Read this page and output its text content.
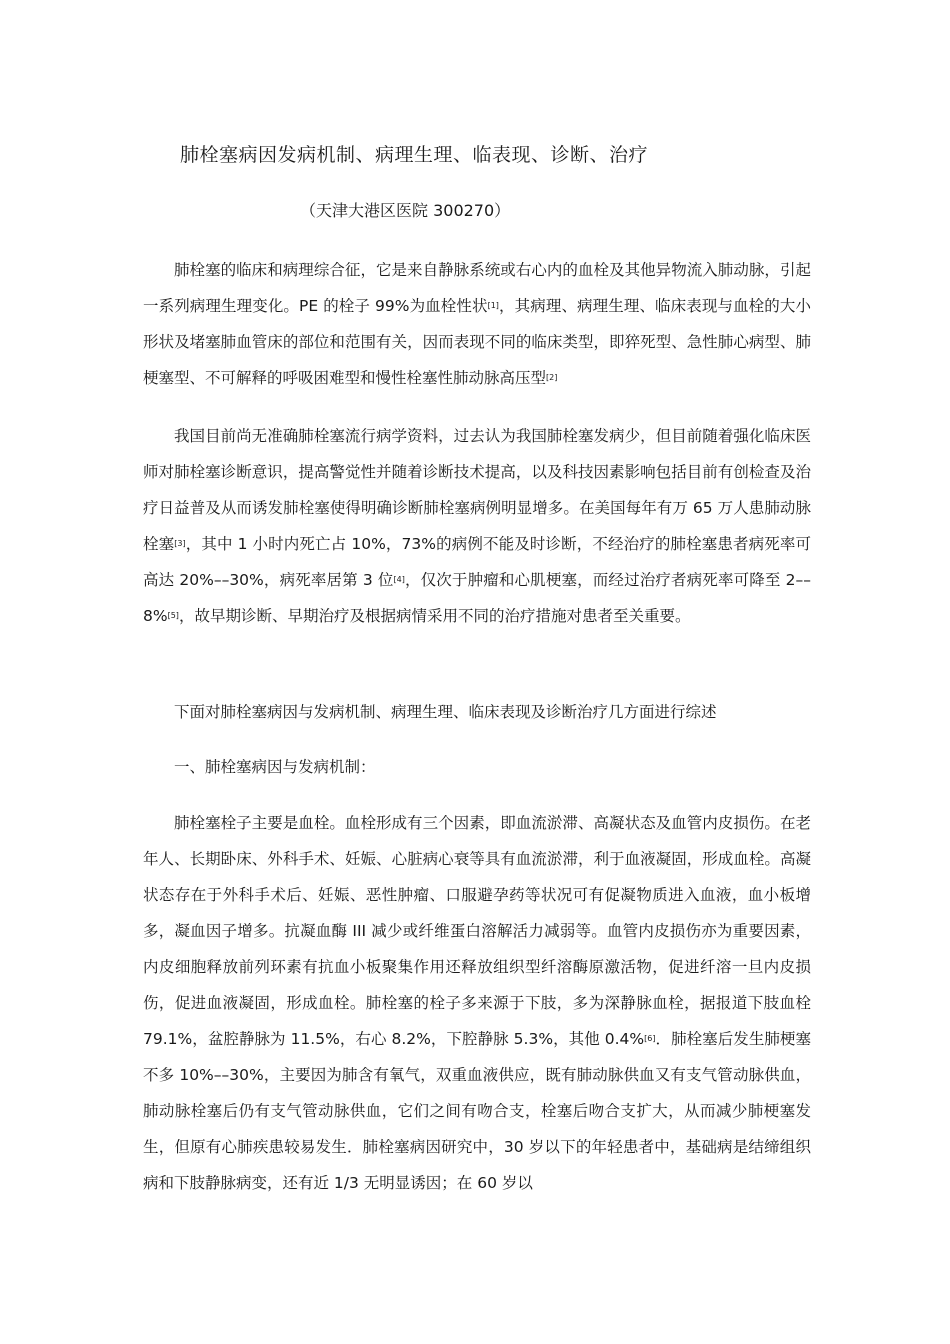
肺栓塞病因发病机制、病理生理、临表现、诊断、治疗
（天津大港区医院 300270）

肺栓塞的临床和病理综合征，它是来自静脉系统或右心内的血栓及其他异物流入肺动脉，引起一系列病理生理变化。PE 的栓子 99%为血栓性状[1]，其病理、病理生理、临床表现与血栓的大小形状及堵塞肺血管床的部位和范围有关，因而表现不同的临床类型，即猝死型、急性肺心病型、肺梗塞型、不可解释的呼吸困难型和慢性栓塞性肺动脉高压型[2]

我国目前尚无准确肺栓塞流行病学资料，过去认为我国肺栓塞发病少，但目前随着强化临床医师对肺栓塞诊断意识，提高警觉性并随着诊断技术提高，以及科技因素影响包括目前有创检查及治疗日益普及从而诱发肺栓塞使得明确诊断肺栓塞病例明显增多。在美国每年有万 65 万人患肺动脉栓塞[3]，其中 1 小时内死亡占 10%，73%的病例不能及时诊断，不经治疗的肺栓塞患者病死率可高达 20%––30%，病死率居第 3 位[4]，仅次于肿瘤和心肌梗塞，而经过治疗者病死率可降至 2––8%[5]，故早期诊断、早期治疗及根据病情采用不同的治疗措施对患者至关重要。

下面对肺栓塞病因与发病机制、病理生理、临床表现及诊断治疗几方面进行综述

一、肺栓塞病因与发病机制：

肺栓塞栓子主要是血栓。血栓形成有三个因素，即血流淤滞、高凝状态及血管内皮损伤。在老年人、长期卧床、外科手术、妊娠、心脏病心衰等具有血流淤滞，利于血液凝固，形成血栓。高凝状态存在于外科手术后、妊娠、恶性肿瘤、口服避孕药等状况可有促凝物质进入血液，血小板增多，凝血因子增多。抗凝血酶 III 减少或纤维蛋白溶解活力减弱等。血管内皮损伤亦为重要因素，内皮细胞释放前列环素有抗血小板聚集作用还释放组织型纤溶酶原激活物，促进纤溶一旦内皮损伤，促进血液凝固，形成血栓。肺栓塞的栓子多来源于下肢，多为深静脉血栓，据报道下肢血栓 79.1%，盆腔静脉为 11.5%，右心 8.2%，下腔静脉 5.3%，其他 0.4%[6]．肺栓塞后发生肺梗塞不多 10%––30%，主要因为肺含有氧气，双重血液供应，既有肺动脉供血又有支气管动脉供血，肺动脉栓塞后仍有支气管动脉供血，它们之间有吻合支，栓塞后吻合支扩大，从而减少肺梗塞发生，但原有心肺疾患较易发生．肺栓塞病因研究中，30 岁以下的年轻患者中，基础病是结缔组织病和下肢静脉病变，还有近 1/3 无明显诱因；在 60 岁以
